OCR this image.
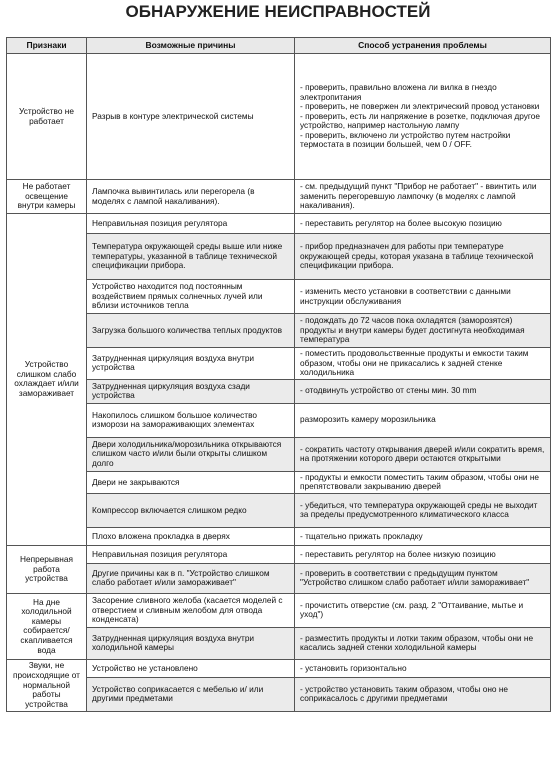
ОБНАРУЖЕНИЕ НЕИСПРАВНОСТЕЙ
Признаки	Возможные причины	Способ устранения проблемы
Устройство не работает	Разрыв в контуре электрической системы	- проверить, правильно вложена ли вилка в гнездо электропитания
- проверить, не повержен ли электрический провод установки
- проверить, есть ли напряжение в розетке, подключая другое устройство, например настольную лампу
- проверить, включено ли устройство путем настройки термостата в позиции большей, чем 0 / OFF.

Не работает освещение внутри камеры	Лампочка вывинтилась или перегорела (в моделях с лампой накаливания).	- см. предыдущий пункт "Прибор не работает" - ввинтить или заменить перегоревшую лампочку (в моделях с лампой накаливания).

Устройство слишком слабо охлаждает и/или замораживает	Неправильная позиция регулятора	- переставить регулятор на более высокую позицию

	Температура окружающей среды выше или ниже температуры, указанной в таблице технической спецификации прибора.	- прибор предназначен для работы при температуре окружающей среды, которая указана в таблице технической спецификации прибора.

	Устройство находится под постоянным воздействием прямых солнечных лучей или вблизи источников тепла	- изменить место установки в соответствии с данными инструкции обслуживания

	Загрузка большого количества теплых продуктов	- подождать до 72 часов пока охладятся (заморозятся) продукты и внутри камеры будет достигнута необходимая температура

	Затрудненная циркуляция воздуха внутри устройства	- поместить продовольственные продукты и емкости таким образом, чтобы они не прикасались к задней стенке холодильника

	Затрудненная циркуляция воздуха сзади устройства	- отодвинуть устройство от стены мин. 30 mm

	Накопилось слишком большое количество изморози на замораживающих элементах	разморозить камеру морозильника

	Двери холодильника/морозильника открываются слишком часто и/или были открыты слишком долго	- сократить частоту открывания дверей и/или сократить время, на протяжении которого двери остаются открытыми

	Двери не закрываются	- продукты и емкости поместить таким образом, чтобы они не препятствовали закрыванию дверей

	Компрессор включается слишком редко	- убедиться, что температура окружающей среды не выходит за пределы предусмотренного климатического класса

	Плохо вложена прокладка в дверях	- тщательно прижать прокладку

Непрерывная работа устройства	Неправильная позиция регулятора	- переставить регулятор на более низкую позицию

	Другие причины как в п. "Устройство слишком слабо работает и/или замораживает"	- проверить в соответствии с предыдущим пунктом "Устройство слишком слабо работает и/или замораживает"

На дне холодильной камеры собирается/ скапливается вода	Засорение сливного желоба (касается моделей с отверстием и сливным желобом для отвода конденсата)	- прочистить отверстие (см. разд. 2 "Оттаивание, мытье и уход")

	Затрудненная циркуляция воздуха внутри холодильной камеры	- разместить продукты и лотки таким образом, чтобы они не касались задней стенки холодильной камеры

Звуки, не происходящие от нормальной работы устройства	Устройство не установлено	- установить горизонтально

	Устройство соприкасается с мебелью и/ или другими предметами	- устройство установить таким образом, чтобы оно не соприкасалось с другими предметами
